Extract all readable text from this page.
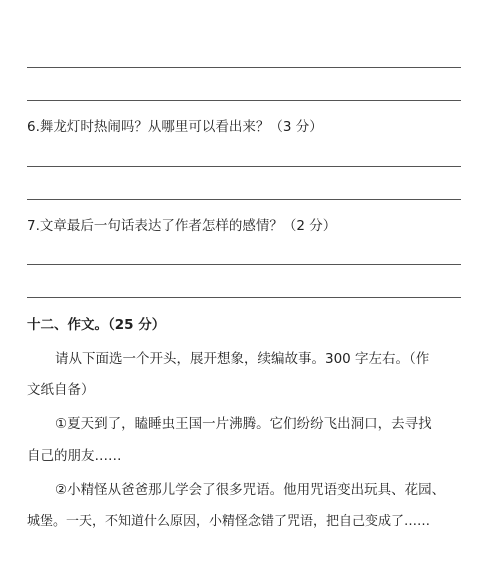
6.舞龙灯时热闹吗？从哪里可以看出来？（3 分）
7.文章最后一句话表达了作者怎样的感情？（2 分）
十二、作文。（25 分）
请从下面选一个开头，展开想象，续编故事。300 字左右。（作
文纸自备）
①夏天到了，瞌睡虫王国一片沸腾。它们纷纷飞出洞口，去寻找
自己的朋友……
②小精怪从爸爸那儿学会了很多咒语。他用咒语变出玩具、花园、
城堡。一天，不知道什么原因，小精怪念错了咒语，把自己变成了……
